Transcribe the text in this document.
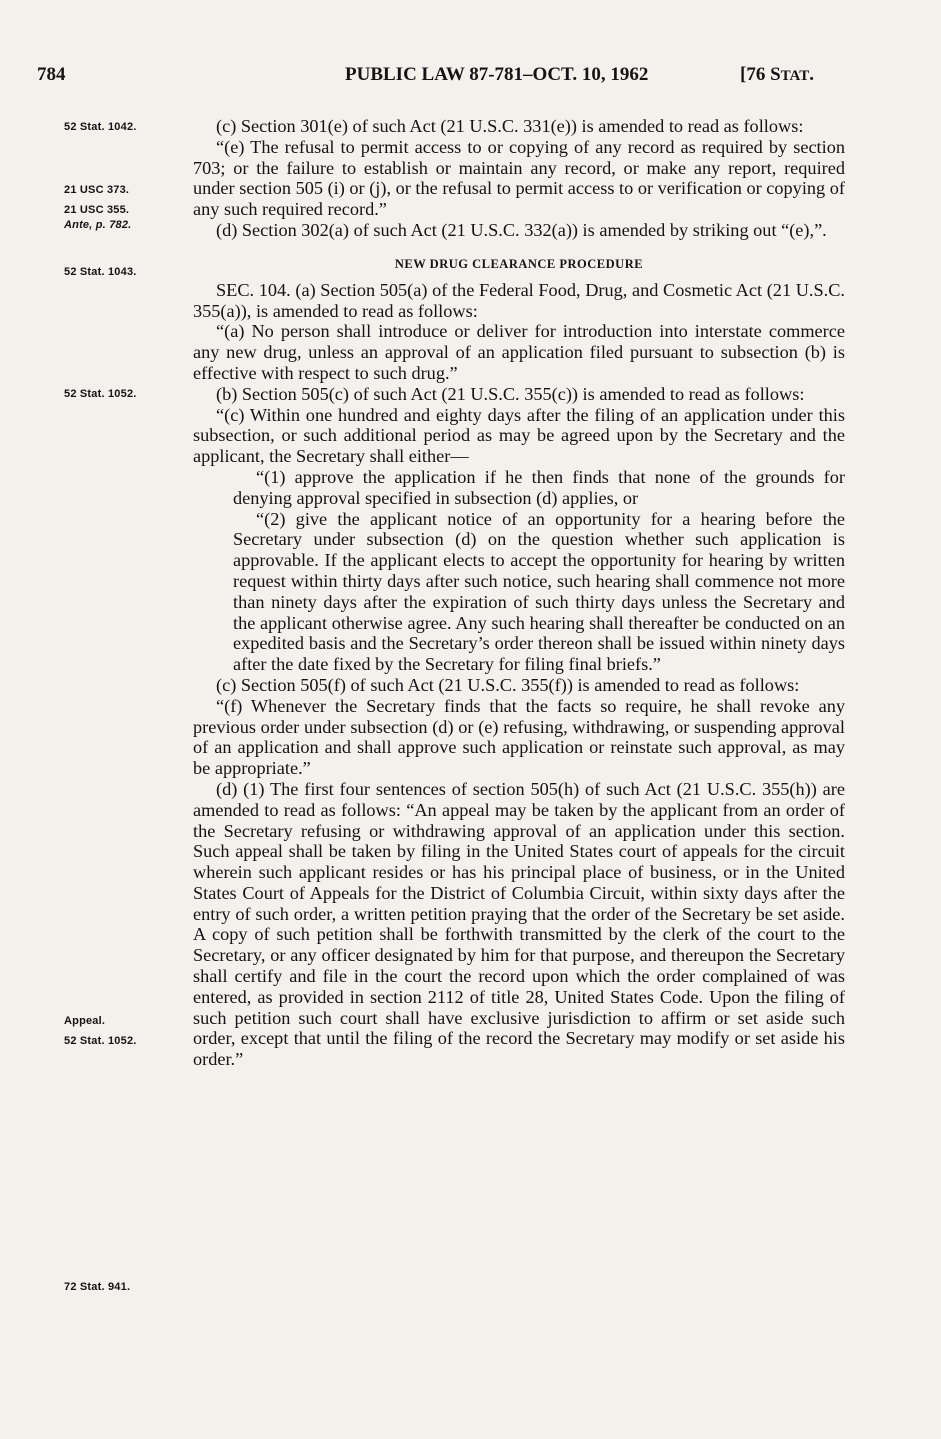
784	PUBLIC LAW 87-781–OCT. 10, 1962	[76 STAT.
52 Stat. 1042.
21 USC 373.
21 USC 355.
Ante, p. 782.
52 Stat. 1043.
52 Stat. 1052.
Appeal.
52 Stat. 1052.
72 Stat. 941.

(c) Section 301(e) of such Act (21 U.S.C. 331(e)) is amended to read as follows:

“(e) The refusal to permit access to or copying of any record as required by section 703; or the failure to establish or maintain any record, or make any report, required under section 505 (i) or (j), or the refusal to permit access to or verification or copying of any such required record.”

(d) Section 302(a) of such Act (21 U.S.C. 332(a)) is amended by striking out “(e),”.

NEW DRUG CLEARANCE PROCEDURE

SEC. 104. (a) Section 505(a) of the Federal Food, Drug, and Cosmetic Act (21 U.S.C. 355(a)), is amended to read as follows:

“(a) No person shall introduce or deliver for introduction into interstate commerce any new drug, unless an approval of an application filed pursuant to subsection (b) is effective with respect to such drug.”

(b) Section 505(c) of such Act (21 U.S.C. 355(c)) is amended to read as follows:

“(c) Within one hundred and eighty days after the filing of an application under this subsection, or such additional period as may be agreed upon by the Secretary and the applicant, the Secretary shall either—

“(1) approve the application if he then finds that none of the grounds for denying approval specified in subsection (d) applies, or

“(2) give the applicant notice of an opportunity for a hearing before the Secretary under subsection (d) on the question whether such application is approvable. If the applicant elects to accept the opportunity for hearing by written request within thirty days after such notice, such hearing shall commence not more than ninety days after the expiration of such thirty days unless the Secretary and the applicant otherwise agree. Any such hearing shall thereafter be conducted on an expedited basis and the Secretary’s order thereon shall be issued within ninety days after the date fixed by the Secretary for filing final briefs.”

(c) Section 505(f) of such Act (21 U.S.C. 355(f)) is amended to read as follows:

“(f) Whenever the Secretary finds that the facts so require, he shall revoke any previous order under subsection (d) or (e) refusing, withdrawing, or suspending approval of an application and shall approve such application or reinstate such approval, as may be appropriate.”

(d) (1) The first four sentences of section 505(h) of such Act (21 U.S.C. 355(h)) are amended to read as follows: “An appeal may be taken by the applicant from an order of the Secretary refusing or withdrawing approval of an application under this section. Such appeal shall be taken by filing in the United States court of appeals for the circuit wherein such applicant resides or has his principal place of business, or in the United States Court of Appeals for the District of Columbia Circuit, within sixty days after the entry of such order, a written petition praying that the order of the Secretary be set aside. A copy of such petition shall be forthwith transmitted by the clerk of the court to the Secretary, or any officer designated by him for that purpose, and thereupon the Secretary shall certify and file in the court the record upon which the order complained of was entered, as provided in section 2112 of title 28, United States Code. Upon the filing of such petition such court shall have exclusive jurisdiction to affirm or set aside such order, except that until the filing of the record the Secretary may modify or set aside his order.”
